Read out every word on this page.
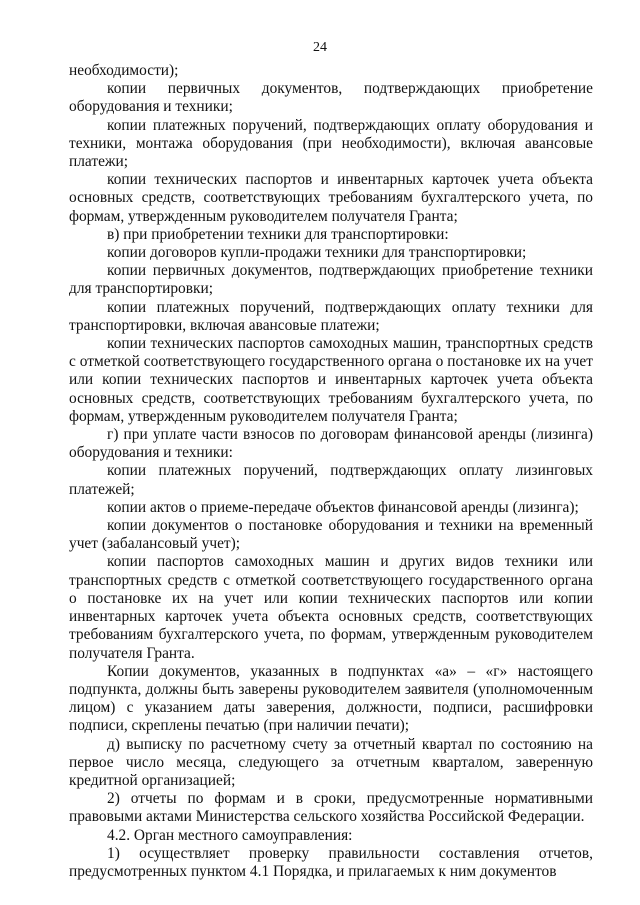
24

необходимости);

копии первичных документов, подтверждающих приобретение оборудования и техники;

копии платежных поручений, подтверждающих оплату оборудования и техники, монтажа оборудования (при необходимости), включая авансовые платежи;

копии технических паспортов и инвентарных карточек учета объекта основных средств, соответствующих требованиям бухгалтерского учета, по формам, утвержденным руководителем получателя Гранта;

в) при приобретении техники для транспортировки:

копии договоров купли-продажи техники для транспортировки;

копии первичных документов, подтверждающих приобретение техники для транспортировки;

копии платежных поручений, подтверждающих оплату техники для транспортировки, включая авансовые платежи;

копии технических паспортов самоходных машин, транспортных средств с отметкой соответствующего государственного органа о постановке их на учет или копии технических паспортов и инвентарных карточек учета объекта основных средств, соответствующих требованиям бухгалтерского учета, по формам, утвержденным руководителем получателя Гранта;

г) при уплате части взносов по договорам финансовой аренды (лизинга) оборудования и техники:

копии платежных поручений, подтверждающих оплату лизинговых платежей;

копии актов о приеме-передаче объектов финансовой аренды (лизинга);

копии документов о постановке оборудования и техники на временный учет (забалансовый учет);

копии паспортов самоходных машин и других видов техники или транспортных средств с отметкой соответствующего государственного органа о постановке их на учет или копии технических паспортов или копии инвентарных карточек учета объекта основных средств, соответствующих требованиям бухгалтерского учета, по формам, утвержденным руководителем получателя Гранта.

Копии документов, указанных в подпунктах «а» – «г» настоящего подпункта, должны быть заверены руководителем заявителя (уполномоченным лицом) с указанием даты заверения, должности, подписи, расшифровки подписи, скреплены печатью (при наличии печати);

д) выписку по расчетному счету за отчетный квартал по состоянию на первое число месяца, следующего за отчетным кварталом, заверенную кредитной организацией;

2) отчеты по формам и в сроки, предусмотренные нормативными правовыми актами Министерства сельского хозяйства Российской Федерации.

4.2. Орган местного самоуправления:

1) осуществляет проверку правильности составления отчетов, предусмотренных пунктом 4.1 Порядка, и прилагаемых к ним документов
